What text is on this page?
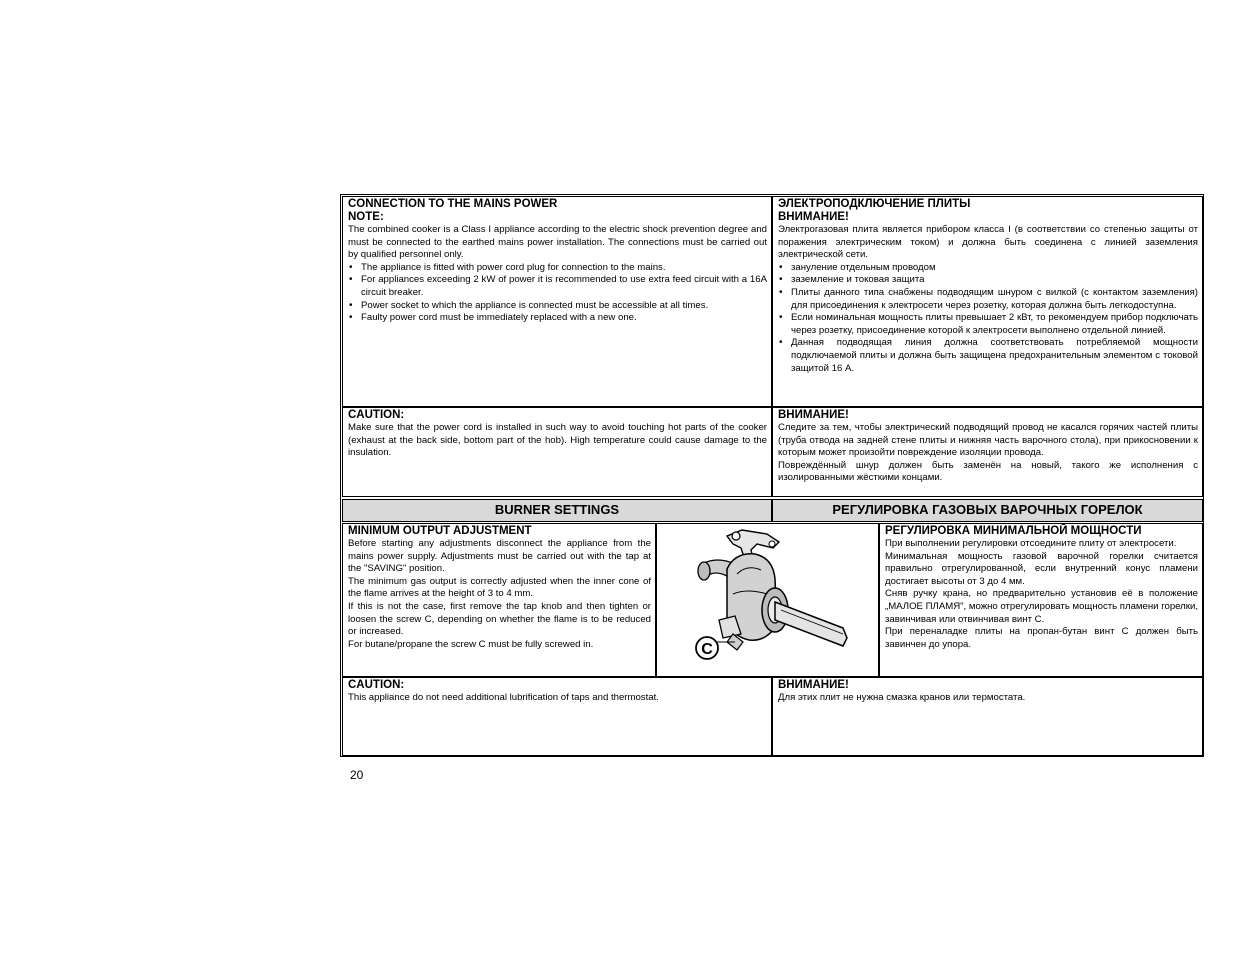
CONNECTION TO THE MAINS POWER
NOTE:
The combined cooker is a Class I appliance according to the electric shock prevention degree and must be connected to the earthed mains power installation. The connections must be carried out by qualified personnel only.
• The appliance is fitted with power cord plug for connection to the mains.
• For appliances exceeding 2 kW of power it is recommended to use extra feed circuit with a 16A circuit breaker.
• Power socket to which the appliance is connected must be accessible at all times.
• Faulty power cord must be immediately replaced with a new one.
ЭЛЕКТРОПОДКЛЮЧЕНИЕ ПЛИТЫ
ВНИМАНИЕ!
Электрогазовая плита является прибором класса I (в соответствии со степенью защиты от поражения электрическим током) и должна быть соединена с линией заземления электрической сети.
• зануление отдельным проводом
• заземление и токовая защита
• Плиты данного типа снабжены подводящим шнуром с вилкой (с контактом заземления) для присоединения к электросети через розетку, которая должна быть легкодоступна.
• Если номинальная мощность плиты превышает 2 кВт, то рекомендуем прибор подключать через розетку, присоединение которой к электросети выполнено отдельной линией.
• Данная подводящая линия должна соответствовать потребляемой мощности подключаемой плиты и должна быть защищена предохранительным элементом с токовой защитой 16 А.
CAUTION:
Make sure that the power cord is installed in such way to avoid touching hot parts of the cooker (exhaust at the back side, bottom part of the hob). High temperature could cause damage to the insulation.
ВНИМАНИЕ!
Следите за тем, чтобы электрический подводящий провод не касался горячих частей плиты (труба отвода на задней стене плиты и нижняя часть варочного стола), при прикосновении к которым может произойти повреждение изоляции провода.
Повреждённый шнур должен быть заменён на новый, такого же исполнения с изолированными жёсткими концами.
BURNER SETTINGS	РЕГУЛИРОВКА ГАЗОВЫХ ВАРОЧНЫХ ГОРЕЛОК
MINIMUM OUTPUT ADJUSTMENT
Before starting any adjustments disconnect the appliance from the mains power supply. Adjustments must be carried out with the tap at the "SAVING" position.
The minimum gas output is correctly adjusted when the inner cone of the flame arrives at the height of 3 to 4 mm.
If this is not the case, first remove the tap knob and then tighten or loosen the screw C, depending on whether the flame is to be reduced or increased.
For butane/propane the screw C must be fully screwed in.	C
РЕГУЛИРОВКА МИНИМАЛЬНОЙ МОЩНОСТИ
При выполнении регулировки отсоедините плиту от электросети.
Минимальная мощность газовой варочной горелки считается правильно отрегулированной, если внутренний конус пламени достигает высоты от 3 до 4 мм.
Сняв ручку крана, но предварительно установив её в положение „МАЛОЕ ПЛАМЯ", можно отрегулировать мощность пламени горелки, завинчивая или отвинчивая винт С.
При переналадке плиты на пропан-бутан винт С должен быть завинчен до упора.
CAUTION:
This appliance do not need additional lubrification of taps and thermostat.
ВНИМАНИЕ!
Для этих плит не нужна смазка кранов или термостата.
20
